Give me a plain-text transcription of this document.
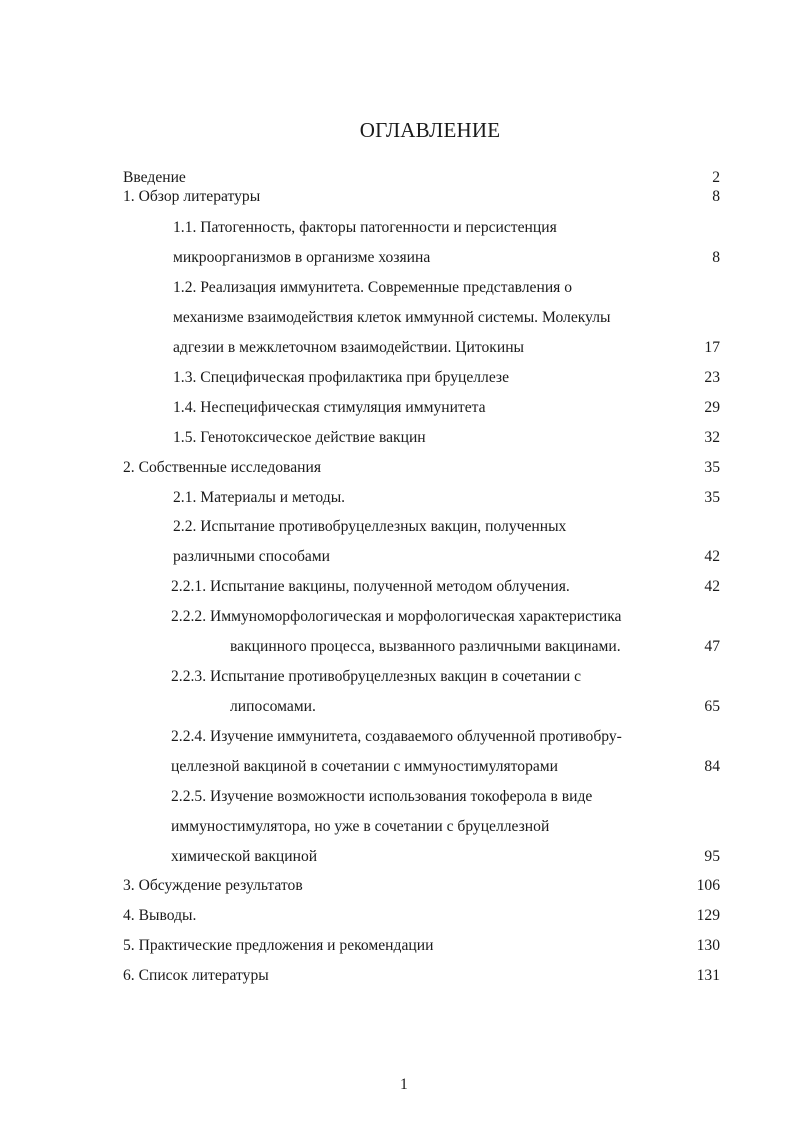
ОГЛАВЛЕНИЕ
Введение	2
1. Обзор литературы	8
1.1. Патогенность, факторы патогенности и персистенция
микроорганизмов в организме хозяина	8
1.2. Реализация иммунитета. Современные представления о
механизме взаимодействия клеток иммунной системы. Молекулы
адгезии в межклеточном взаимодействии. Цитокины	17
1.3. Специфическая профилактика при бруцеллезе	23
1.4. Неспецифическая стимуляция иммунитета	29
1.5. Генотоксическое действие вакцин	32
2. Собственные исследования	35
2.1. Материалы и методы.	35
2.2. Испытание противобруцеллезных вакцин, полученных
различными способами	42
2.2.1. Испытание вакцины, полученной методом облучения.	42
2.2.2. Иммуноморфологическая и морфологическая характеристика
вакцинного процесса, вызванного различными вакцинами.	47
2.2.3. Испытание противобруцеллезных вакцин в сочетании с
липосомами.	65
2.2.4. Изучение иммунитета, создаваемого облученной противобру-
целлезной вакциной в сочетании с иммуностимуляторами	84
2.2.5. Изучение возможности использования токоферола в виде
иммуностимулятора, но уже в сочетании с бруцеллезной
химической вакциной	95
3. Обсуждение результатов	106
4. Выводы.	129
5. Практические предложения и рекомендации	130
6. Список литературы	131
1
